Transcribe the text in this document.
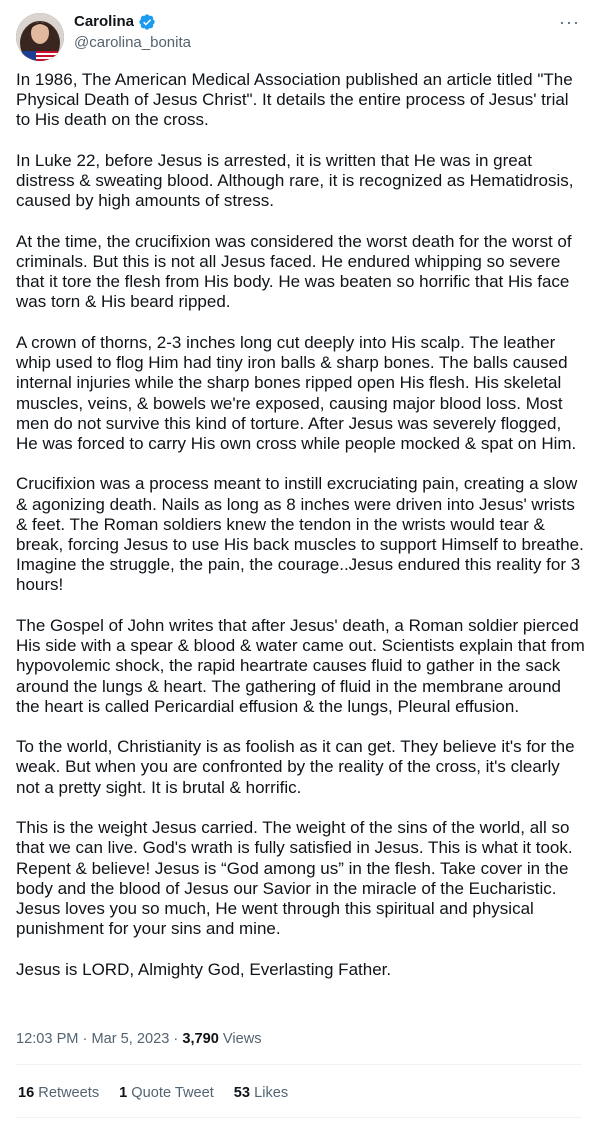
Carolina
@carolina_bonita
···

In 1986, The American Medical Association published an article titled "The Physical Death of Jesus Christ". It details the entire process of Jesus' trial to His death on the cross.

In Luke 22, before Jesus is arrested, it is written that He was in great distress & sweating blood. Although rare, it is recognized as Hematidrosis, caused by high amounts of stress.

At the time, the crucifixion was considered the worst death for the worst of criminals. But this is not all Jesus faced. He endured whipping so severe that it tore the flesh from His body. He was beaten so horrific that His face was torn & His beard ripped.

A crown of thorns, 2-3 inches long cut deeply into His scalp. The leather whip used to flog Him had tiny iron balls & sharp bones. The balls caused internal injuries while the sharp bones ripped open His flesh. His skeletal muscles, veins, & bowels we're exposed, causing major blood loss. Most men do not survive this kind of torture. After Jesus was severely flogged, He was forced to carry His own cross while people mocked & spat on Him.

Crucifixion was a process meant to instill excruciating pain, creating a slow & agonizing death. Nails as long as 8 inches were driven into Jesus' wrists & feet. The Roman soldiers knew the tendon in the wrists would tear & break, forcing Jesus to use His back muscles to support Himself to breathe. Imagine the struggle, the pain, the courage..Jesus endured this reality for 3 hours!

The Gospel of John writes that after Jesus' death, a Roman soldier pierced His side with a spear & blood & water came out. Scientists explain that from hypovolemic shock, the rapid heartrate causes fluid to gather in the sack around the lungs & heart. The gathering of fluid in the membrane around the heart is called Pericardial effusion & the lungs, Pleural effusion.

To the world, Christianity is as foolish as it can get. They believe it's for the weak. But when you are confronted by the reality of the cross, it's clearly not a pretty sight. It is brutal & horrific.

This is the weight Jesus carried. The weight of the sins of the world, all so that we can live. God's wrath is fully satisfied in Jesus. This is what it took. Repent & believe! Jesus is “God among us” in the flesh. Take cover in the body and the blood of Jesus our Savior in the miracle of the Eucharistic. Jesus loves you so much, He went through this spiritual and physical punishment for your sins and mine.

Jesus is LORD, Almighty God, Everlasting Father.

12:03 PM · Mar 5, 2023 · 3,790 Views
16 Retweets 1 Quote Tweet 53 Likes
